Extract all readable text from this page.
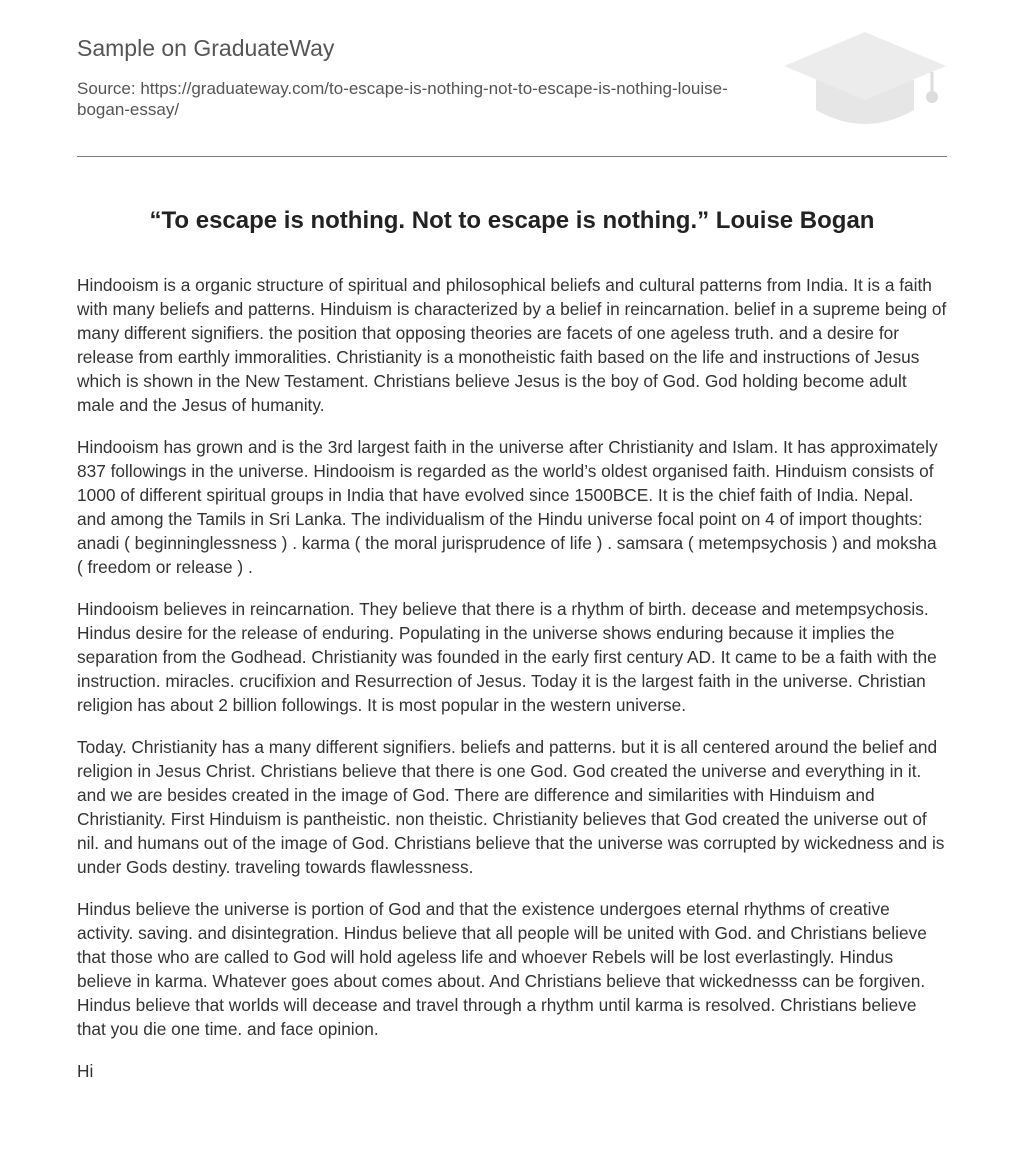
Sample on GraduateWay
Source: https://graduateway.com/to-escape-is-nothing-not-to-escape-is-nothing-louise-bogan-essay/
“To escape is nothing. Not to escape is nothing.” Louise Bogan

Hindooism is a organic structure of spiritual and philosophical beliefs and cultural patterns from India. It is a faith with many beliefs and patterns. Hinduism is characterized by a belief in reincarnation. belief in a supreme being of many different signifiers. the position that opposing theories are facets of one ageless truth. and a desire for release from earthly immoralities. Christianity is a monotheistic faith based on the life and instructions of Jesus which is shown in the New Testament. Christians believe Jesus is the boy of God. God holding become adult male and the Jesus of humanity.

Hindooism has grown and is the 3rd largest faith in the universe after Christianity and Islam. It has approximately 837 followings in the universe. Hindooism is regarded as the world’s oldest organised faith. Hinduism consists of 1000 of different spiritual groups in India that have evolved since 1500BCE. It is the chief faith of India. Nepal. and among the Tamils in Sri Lanka. The individualism of the Hindu universe focal point on 4 of import thoughts: anadi ( beginninglessness ) . karma ( the moral jurisprudence of life ) . samsara ( metempsychosis ) and moksha ( freedom or release ) .

Hindooism believes in reincarnation. They believe that there is a rhythm of birth. decease and metempsychosis. Hindus desire for the release of enduring. Populating in the universe shows enduring because it implies the separation from the Godhead. Christianity was founded in the early first century AD. It came to be a faith with the instruction. miracles. crucifixion and Resurrection of Jesus. Today it is the largest faith in the universe. Christian religion has about 2 billion followings. It is most popular in the western universe.

Today. Christianity has a many different signifiers. beliefs and patterns. but it is all centered around the belief and religion in Jesus Christ. Christians believe that there is one God. God created the universe and everything in it. and we are besides created in the image of God. There are difference and similarities with Hinduism and Christianity. First Hinduism is pantheistic. non theistic. Christianity believes that God created the universe out of nil. and humans out of the image of God. Christians believe that the universe was corrupted by wickedness and is under Gods destiny. traveling towards flawlessness.

Hindus believe the universe is portion of God and that the existence undergoes eternal rhythms of creative activity. saving. and disintegration. Hindus believe that all people will be united with God. and Christians believe that those who are called to God will hold ageless life and whoever Rebels will be lost everlastingly. Hindus believe in karma. Whatever goes about comes about. And Christians believe that wickednesss can be forgiven. Hindus believe that worlds will decease and travel through a rhythm until karma is resolved. Christians believe that you die one time. and face opinion.

Hi
